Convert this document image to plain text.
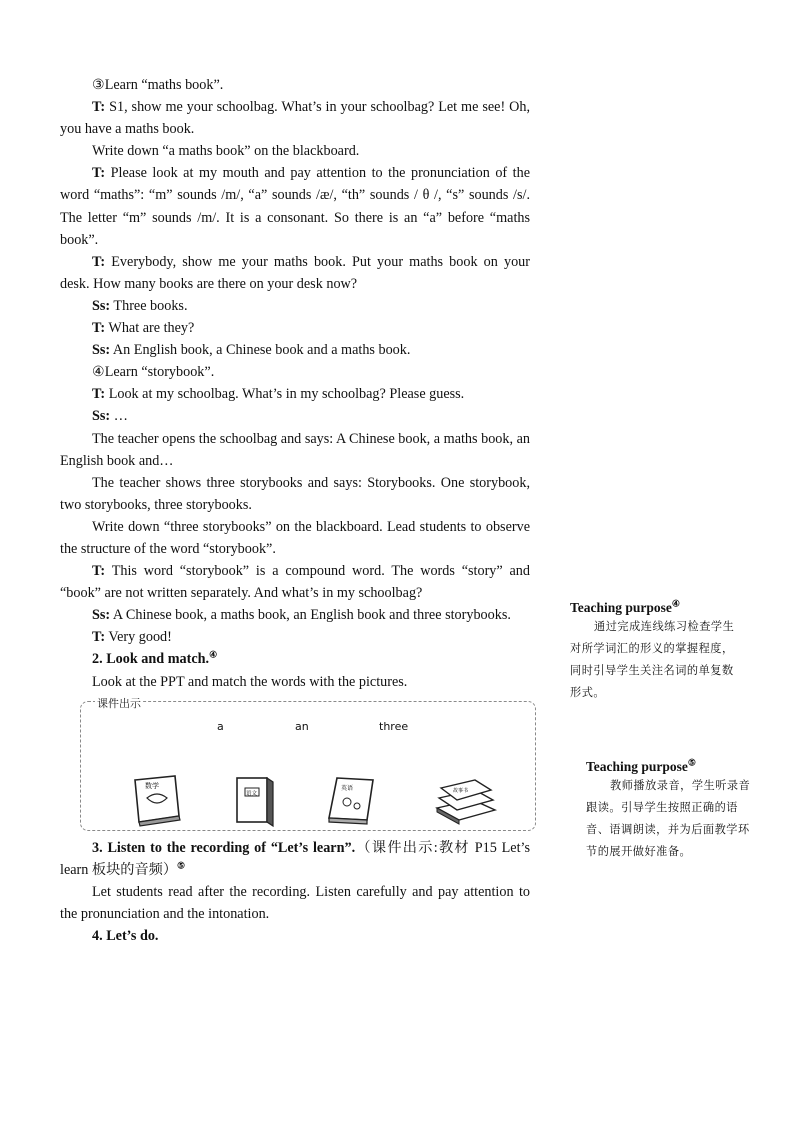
③Learn “maths book”.

T: S1, show me your schoolbag. What’s in your schoolbag? Let me see! Oh, you have a maths book.

Write down “a maths book” on the blackboard.

T: Please look at my mouth and pay attention to the pronunciation of the word “maths”: “m” sounds /m/, “a” sounds /æ/, “th” sounds / θ /, “s” sounds /s/. The letter “m” sounds /m/. It is a consonant. So there is an “a” before “maths book”.

T: Everybody, show me your maths book. Put your maths book on your desk. How many books are there on your desk now?

Ss: Three books.

T: What are they?

Ss: An English book, a Chinese book and a maths book.

④Learn “storybook”.

T: Look at my schoolbag. What’s in my schoolbag? Please guess.

Ss: …

The teacher opens the schoolbag and says: A Chinese book, a maths book, an English book and…

The teacher shows three storybooks and says: Storybooks. One storybook, two storybooks, three storybooks.

Write down “three storybooks” on the blackboard. Lead students to observe the structure of the word “storybook”.

T: This word “storybook” is a compound word. The words “story” and “book” are not written separately. And what’s in my schoolbag?

Ss: A Chinese book, a maths book, an English book and three storybooks.

T: Very good!

2. Look and match.④

Look at the PPT and match the words with the pictures.

课件出示
a	an	three
数学
语文
英语	故事书

3. Listen to the recording of “Let’s learn”.（课件出示:教材 P15 Let’s learn 板块的音频）⑤

Let students read after the recording. Listen carefully and pay attention to the pronunciation and the intonation.

4. Let’s do.

Teaching purpose④

通过完成连线练习检查学生对所学词汇的形义的掌握程度，同时引导学生关注名词的单复数形式。

Teaching purpose⑤

教师播放录音，学生听录音跟读。引导学生按照正确的语音、语调朗读，并为后面教学环节的展开做好准备。
